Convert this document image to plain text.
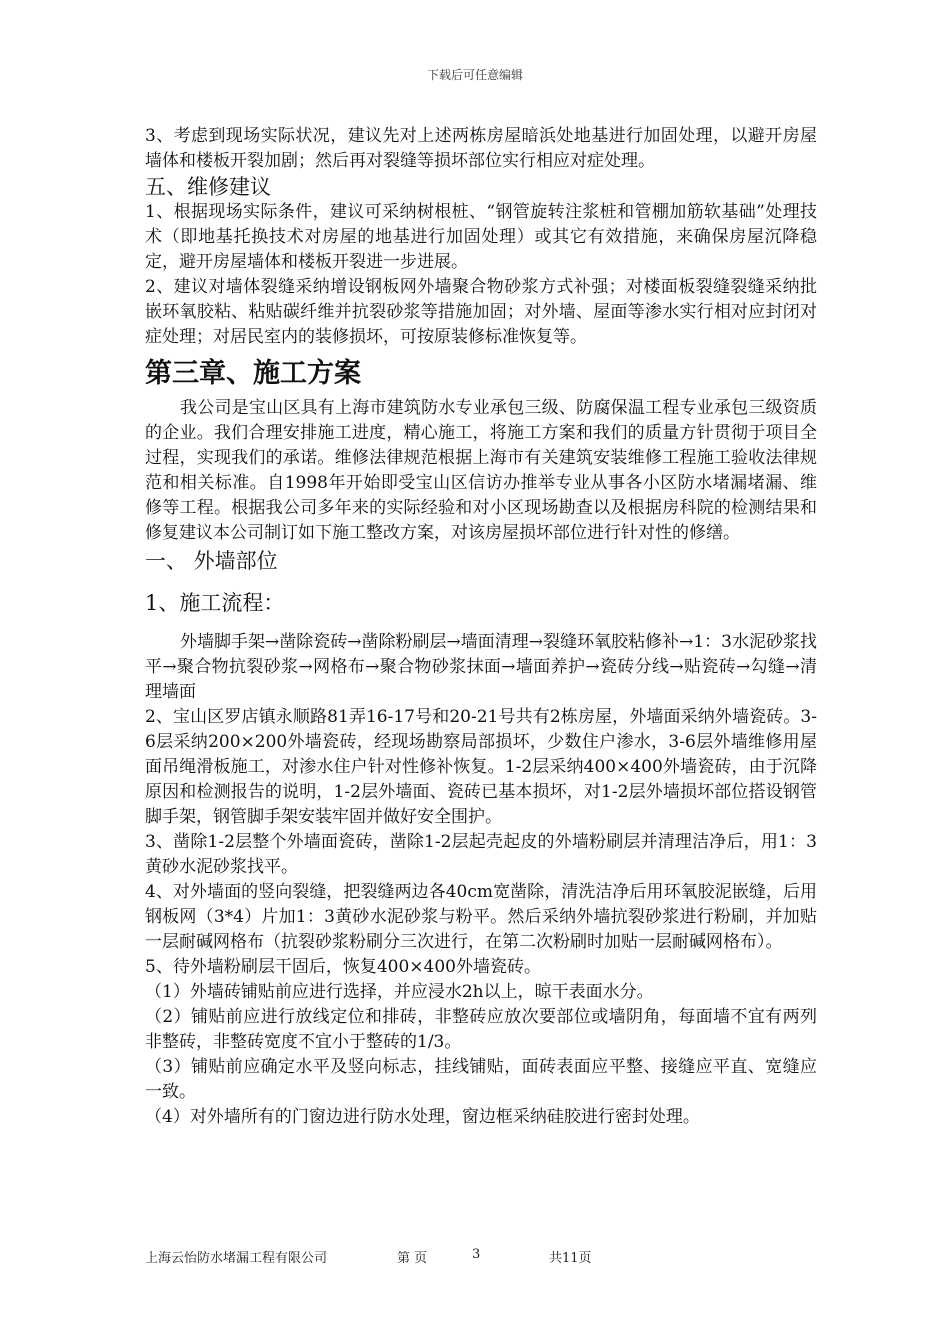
下载后可任意编辑

3、考虑到现场实际状况，建议先对上述两栋房屋暗浜处地基进行加固处理，以避开房屋墙体和楼板开裂加剧；然后再对裂缝等损坏部位实行相应对症处理。

五、维修建议

1、根据现场实际条件，建议可采纳树根桩、“钢管旋转注浆桩和管棚加筋软基础”处理技术（即地基托换技术对房屋的地基进行加固处理）或其它有效措施，来确保房屋沉降稳定，避开房屋墙体和楼板开裂进一步进展。

2、建议对墙体裂缝采纳增设钢板网外墙聚合物砂浆方式补强；对楼面板裂缝裂缝采纳批嵌环氧胶粘、粘贴碳纤维并抗裂砂浆等措施加固；对外墙、屋面等渗水实行相对应封闭对症处理；对居民室内的装修损坏，可按原装修标准恢复等。

第三章、施工方案

我公司是宝山区具有上海市建筑防水专业承包三级、防腐保温工程专业承包三级资质的企业。我们合理安排施工进度，精心施工，将施工方案和我们的质量方针贯彻于项目全过程，实现我们的承诺。维修法律规范根据上海市有关建筑安装维修工程施工验收法律规范和相关标准。自1998年开始即受宝山区信访办推举专业从事各小区防水堵漏堵漏、维修等工程。根据我公司多年来的实际经验和对小区现场勘查以及根据房科院的检测结果和修复建议本公司制订如下施工整改方案，对该房屋损坏部位进行针对性的修缮。

一、 外墙部位

1、施工流程：

外墙脚手架→凿除瓷砖→凿除粉刷层→墙面清理→裂缝环氧胶粘修补→1：3水泥砂浆找平→聚合物抗裂砂浆→网格布→聚合物砂浆抹面→墙面养护→瓷砖分线→贴瓷砖→勾缝→清理墙面

2、宝山区罗店镇永顺路81弄16-17号和20-21号共有2栋房屋，外墙面采纳外墙瓷砖。3-6层采纳200×200外墙瓷砖，经现场勘察局部损坏，少数住户渗水，3-6层外墙维修用屋面吊绳滑板施工，对渗水住户针对性修补恢复。1-2层采纳400×400外墙瓷砖，由于沉降原因和检测报告的说明，1-2层外墙面、瓷砖已基本损坏，对1-2层外墙损坏部位搭设钢管脚手架，钢管脚手架安装牢固并做好安全围护。

3、凿除1-2层整个外墙面瓷砖，凿除1-2层起壳起皮的外墙粉刷层并清理洁净后，用1：3黄砂水泥砂浆找平。

4、对外墙面的竖向裂缝，把裂缝两边各40cm宽凿除，清洗洁净后用环氧胶泥嵌缝，后用钢板网（3*4）片加1：3黄砂水泥砂浆与粉平。然后采纳外墙抗裂砂浆进行粉刷，并加贴一层耐碱网格布（抗裂砂浆粉刷分三次进行，在第二次粉刷时加贴一层耐碱网格布）。

5、待外墙粉刷层干固后，恢复400×400外墙瓷砖。

（1）外墙砖铺贴前应进行选择，并应浸水2h以上，晾干表面水分。

（2）铺贴前应进行放线定位和排砖，非整砖应放次要部位或墙阴角，每面墙不宜有两列非整砖，非整砖宽度不宜小于整砖的1/3。

（3）铺贴前应确定水平及竖向标志，挂线铺贴，面砖表面应平整、接缝应平直、宽缝应一致。

（4）对外墙所有的门窗边进行防水处理，窗边框采纳硅胶进行密封处理。

上海云怡防水堵漏工程有限公司	第 页	3	共11页
